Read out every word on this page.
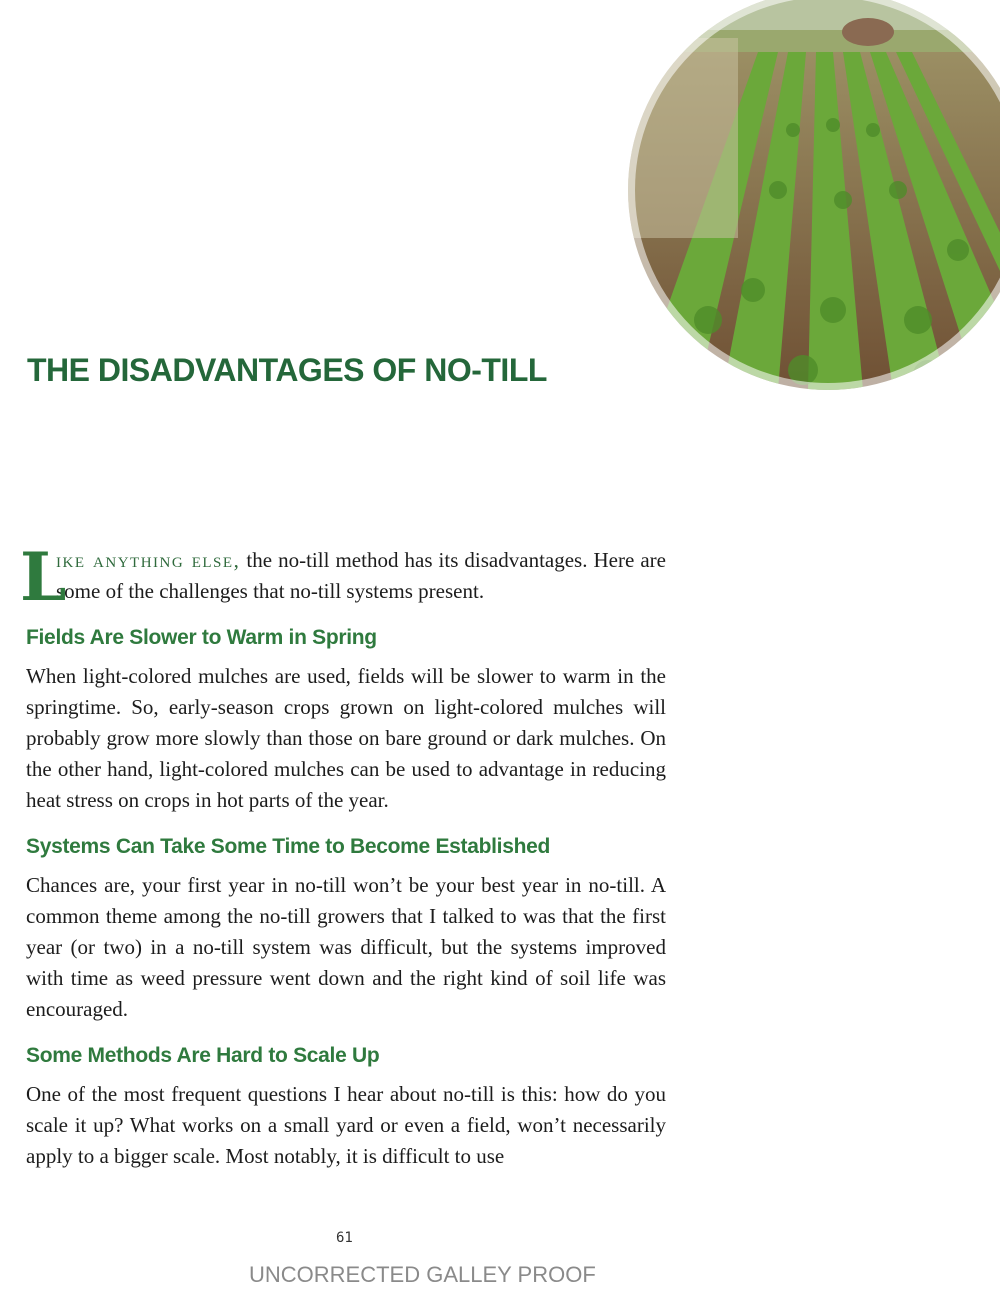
THE DISADVANTAGES OF NO-TILL

L
ike anything else, the no-till method has its disadvantages. Here are some of the challenges that no-till systems present.

Fields Are Slower to Warm in Spring

When light-colored mulches are used, fields will be slower to warm in the springtime. So, early-season crops grown on light-colored mulches will probably grow more slowly than those on bare ground or dark mulches. On the other hand, light-colored mulches can be used to advantage in reducing heat stress on crops in hot parts of the year.

Systems Can Take Some Time to Become Established

Chances are, your first year in no-till won’t be your best year in no-till. A common theme among the no-till growers that I talked to was that the first year (or two) in a no-till system was difficult, but the systems improved with time as weed pressure went down and the right kind of soil life was encouraged.

Some Methods Are Hard to Scale Up

One of the most frequent questions I hear about no-till is this: how do you scale it up? What works on a small yard or even a field, won’t necessarily apply to a bigger scale. Most notably, it is difficult to use

61
UNCORRECTED GALLEY PROOF
